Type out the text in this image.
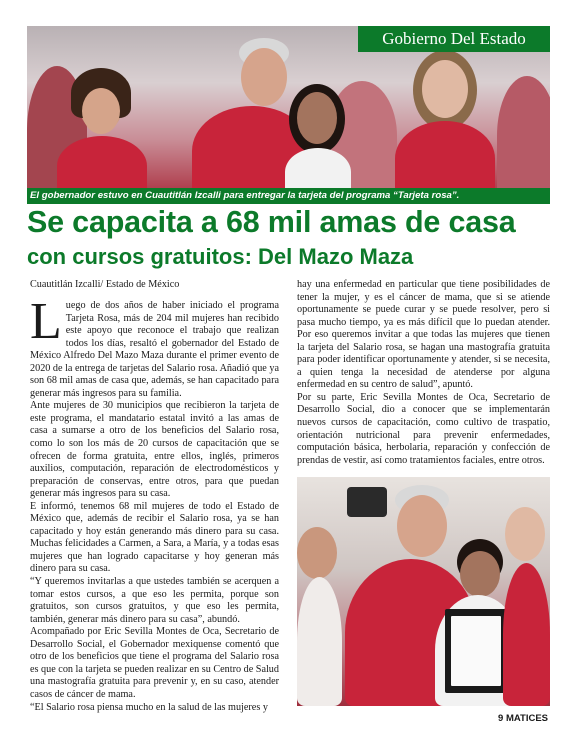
Gobierno Del Estado
El gobernador estuvo en Cuautitlán Izcalli para entregar la tarjeta del programa “Tarjeta rosa”.
Se capacita a 68 mil amas de casa
con cursos gratuitos: Del Mazo Maza
Cuautitlán Izcalli/ Estado de México

Luego de dos años de haber iniciado el programa Tarjeta Rosa, más de 204 mil mujeres han recibido este apoyo que reconoce el trabajo que realizan todos los días, resaltó el gobernador del Estado de México Alfredo Del Mazo Maza durante el primer evento de 2020 de la entrega de tarjetas del Salario rosa. Añadió que ya son 68 mil amas de casa que, además, se han capacitado para generar más ingresos para su familia.

Ante mujeres de 30 municipios que recibieron la tarjeta de este programa, el mandatario estatal invitó a las amas de casa a sumarse a otro de los beneficios del Salario rosa, como lo son los más de 20 cursos de capacitación que se ofrecen de forma gratuita, entre ellos, inglés, primeros auxilios, computación, reparación de electrodomésticos y preparación de conservas, entre otros, para que puedan generar más ingresos para su casa.

E informó, tenemos 68 mil mujeres de todo el Estado de México que, además de recibir el Salario rosa, ya se han capacitado y hoy están generando más dinero para su casa. Muchas felicidades a Carmen, a Sara, a María, y a todas esas mujeres que han logrado capacitarse y hoy generan más dinero para su casa.

“Y queremos invitarlas a que ustedes también se acerquen a tomar estos cursos, a que eso les permita, porque son gratuitos, son cursos gratuitos, y que eso les permita, también, generar más dinero para su casa”, abundó.

Acompañado por Eric Sevilla Montes de Oca, Secretario de Desarrollo Social, el Gobernador mexiquense comentó que otro de los beneficios que tiene el programa del Salario rosa es que con la tarjeta se pueden realizar en su Centro de Salud una mastografía gratuita para prevenir y, en su caso, atender casos de cáncer de mama.

“El Salario rosa piensa mucho en la salud de las mujeres y

hay una enfermedad en particular que tiene posibilidades de tener la mujer, y es el cáncer de mama, que si se atiende oportunamente se puede curar y se puede resolver, pero si pasa mucho tiempo, ya es más difícil que lo puedan atender. Por eso queremos invitar a que todas las mujeres que tienen la tarjeta del Salario rosa, se hagan una mastografía gratuita para poder identificar oportunamente y atender, si se necesita, a quien tenga la necesidad de atenderse por alguna enfermedad en su centro de salud”, apuntó.

Por su parte, Eric Sevilla Montes de Oca, Secretario de Desarrollo Social, dio a conocer que se implementarán nuevos cursos de capacitación, como cultivo de traspatio, orientación nutricional para prevenir enfermedades, computación básica, herbolaria, reparación y confección de prendas de vestir, así como tratamientos faciales, entre otros.

9 MATICES
